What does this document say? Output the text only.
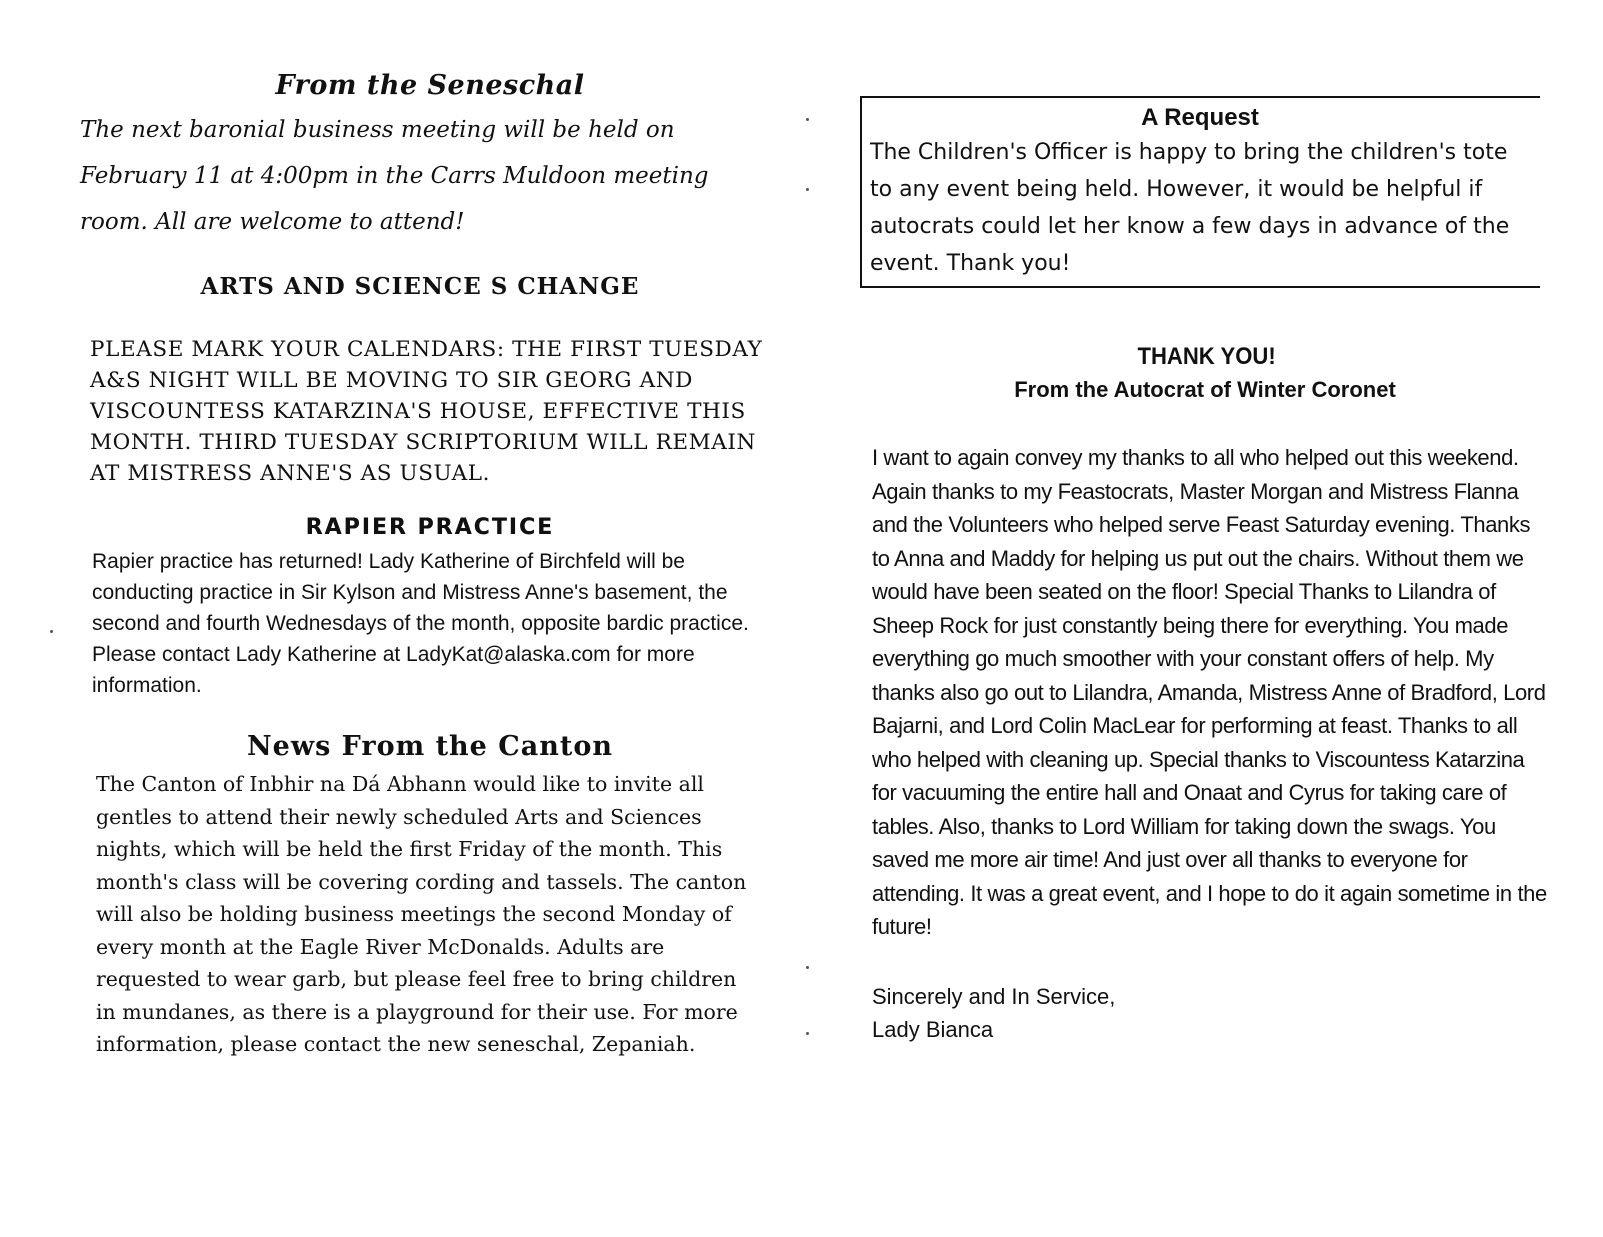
From the Seneschal

The next baronial business meeting will be held on February 11 at 4:00pm in the Carrs Muldoon meeting room. All are welcome to attend!

ARTS AND SCIENCE S CHANGE

PLEASE MARK YOUR CALENDARS: THE FIRST TUESDAY A&S NIGHT WILL BE MOVING TO SIR GEORG AND VISCOUNTESS KATARZINA'S HOUSE, EFFECTIVE THIS MONTH. THIRD TUESDAY SCRIPTORIUM WILL REMAIN AT MISTRESS ANNE'S AS USUAL.

RAPIER PRACTICE

Rapier practice has returned! Lady Katherine of Birchfeld will be conducting practice in Sir Kylson and Mistress Anne's basement, the second and fourth Wednesdays of the month, opposite bardic practice. Please contact Lady Katherine at LadyKat@alaska.com for more information.

News From the Canton

The Canton of Inbhir na Dá Abhann would like to invite all gentles to attend their newly scheduled Arts and Sciences nights, which will be held the first Friday of the month. This month's class will be covering cording and tassels. The canton will also be holding business meetings the second Monday of every month at the Eagle River McDonalds. Adults are requested to wear garb, but please feel free to bring children in mundanes, as there is a playground for their use. For more information, please contact the new seneschal, Zepaniah.

A Request

The Children's Officer is happy to bring the children's tote to any event being held. However, it would be helpful if autocrats could let her know a few days in advance of the event. Thank you!

THANK YOU!
From the Autocrat of Winter Coronet

I want to again convey my thanks to all who helped out this weekend. Again thanks to my Feastocrats, Master Morgan and Mistress Flanna and the Volunteers who helped serve Feast Saturday evening. Thanks to Anna and Maddy for helping us put out the chairs. Without them we would have been seated on the floor! Special Thanks to Lilandra of Sheep Rock for just constantly being there for everything. You made everything go much smoother with your constant offers of help. My thanks also go out to Lilandra, Amanda, Mistress Anne of Bradford, Lord Bajarni, and Lord Colin MacLear for performing at feast. Thanks to all who helped with cleaning up. Special thanks to Viscountess Katarzina for vacuuming the entire hall and Onaat and Cyrus for taking care of tables. Also, thanks to Lord William for taking down the swags. You saved me more air time! And just over all thanks to everyone for attending. It was a great event, and I hope to do it again sometime in the future!

Sincerely and In Service,
Lady Bianca
